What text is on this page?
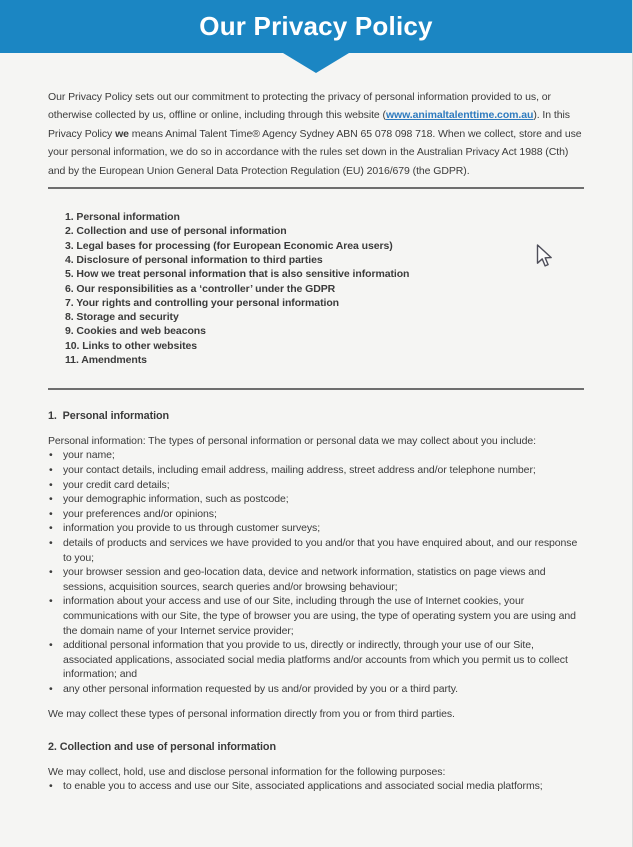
Our Privacy Policy

Our Privacy Policy sets out our commitment to protecting the privacy of personal information provided to us, or otherwise collected by us, offline or online, including through this website (www.animaltalenttime.com.au). In this Privacy Policy we means Animal Talent Time® Agency Sydney ABN 65 078 098 718. When we collect, store and use your personal information, we do so in accordance with the rules set down in the Australian Privacy Act 1988 (Cth) and by the European Union General Data Protection Regulation (EU) 2016/679 (the GDPR).

1. Personal information
2. Collection and use of personal information
3. Legal bases for processing (for European Economic Area users)
4. Disclosure of personal information to third parties
5. How we treat personal information that is also sensitive information
6. Our responsibilities as a ‘controller’ under the GDPR
7. Your rights and controlling your personal information
8. Storage and security
9. Cookies and web beacons
10. Links to other websites
11. Amendments
1.  Personal information

Personal information: The types of personal information or personal data we may collect about you include:

• your name;
• your contact details, including email address, mailing address, street address and/or telephone number;
• your credit card details;
• your demographic information, such as postcode;
• your preferences and/or opinions;
• information you provide to us through customer surveys;
• details of products and services we have provided to you and/or that you have enquired about, and our response to you;
• your browser session and geo-location data, device and network information, statistics on page views and sessions, acquisition sources, search queries and/or browsing behaviour;
• information about your access and use of our Site, including through the use of Internet cookies, your communications with our Site, the type of browser you are using, the type of operating system you are using and the domain name of your Internet service provider;
• additional personal information that you provide to us, directly or indirectly, through your use of our Site, associated applications, associated social media platforms and/or accounts from which you permit us to collect information; and
• any other personal information requested by us and/or provided by you or a third party.

We may collect these types of personal information directly from you or from third parties.

2. Collection and use of personal information

We may collect, hold, use and disclose personal information for the following purposes:

• to enable you to access and use our Site, associated applications and associated social media platforms;
